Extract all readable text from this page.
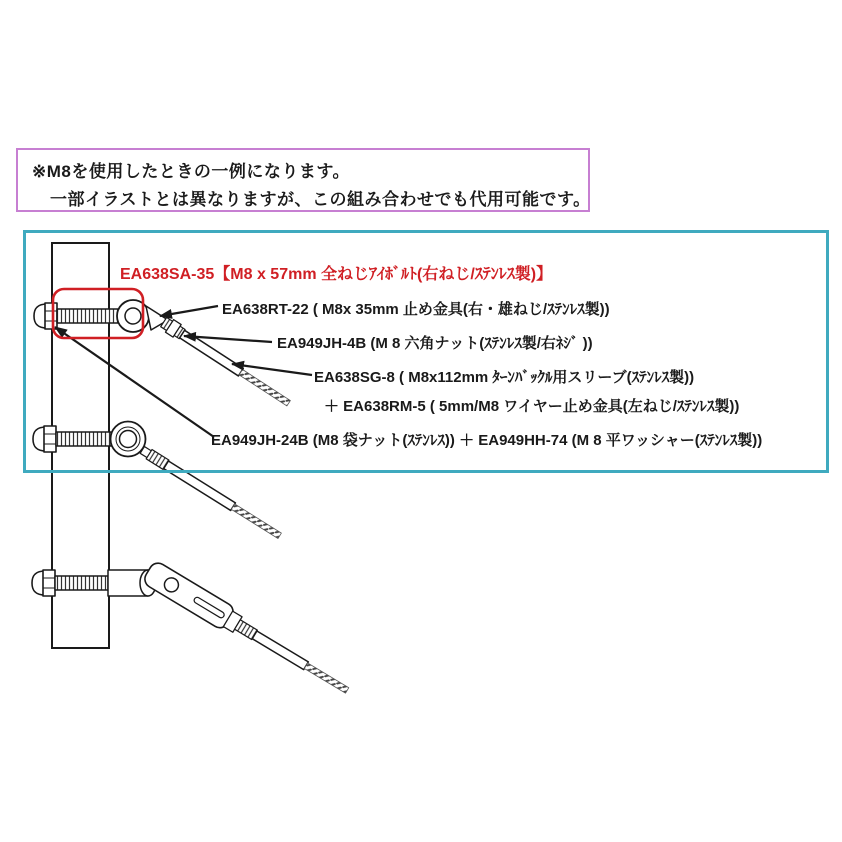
※M8を使用したときの一例になります。
一部イラストとは異なりますが、この組み合わせでも代用可能です。
EA638SA-35【M8 x 57mm 全ねじｱｲﾎﾞﾙﾄ(右ねじ/ｽﾃﾝﾚｽ製)】
EA638RT-22 ( M8x 35mm 止め金具(右・雄ねじ/ｽﾃﾝﾚｽ製))
EA949JH-4B (M 8 六角ナット(ｽﾃﾝﾚｽ製/右ﾈｼﾞ ))
EA638SG-8 ( M8x112mm ﾀｰﾝﾊﾞｯｸﾙ用スリーブ(ｽﾃﾝﾚｽ製))
＋ EA638RM-5 ( 5mm/M8 ワイヤー止め金具(左ねじ/ｽﾃﾝﾚｽ製))
EA949JH-24B (M8 袋ナット(ｽﾃﾝﾚｽ)) ＋ EA949HH-74 (M 8 平ワッシャー(ｽﾃﾝﾚｽ製))
